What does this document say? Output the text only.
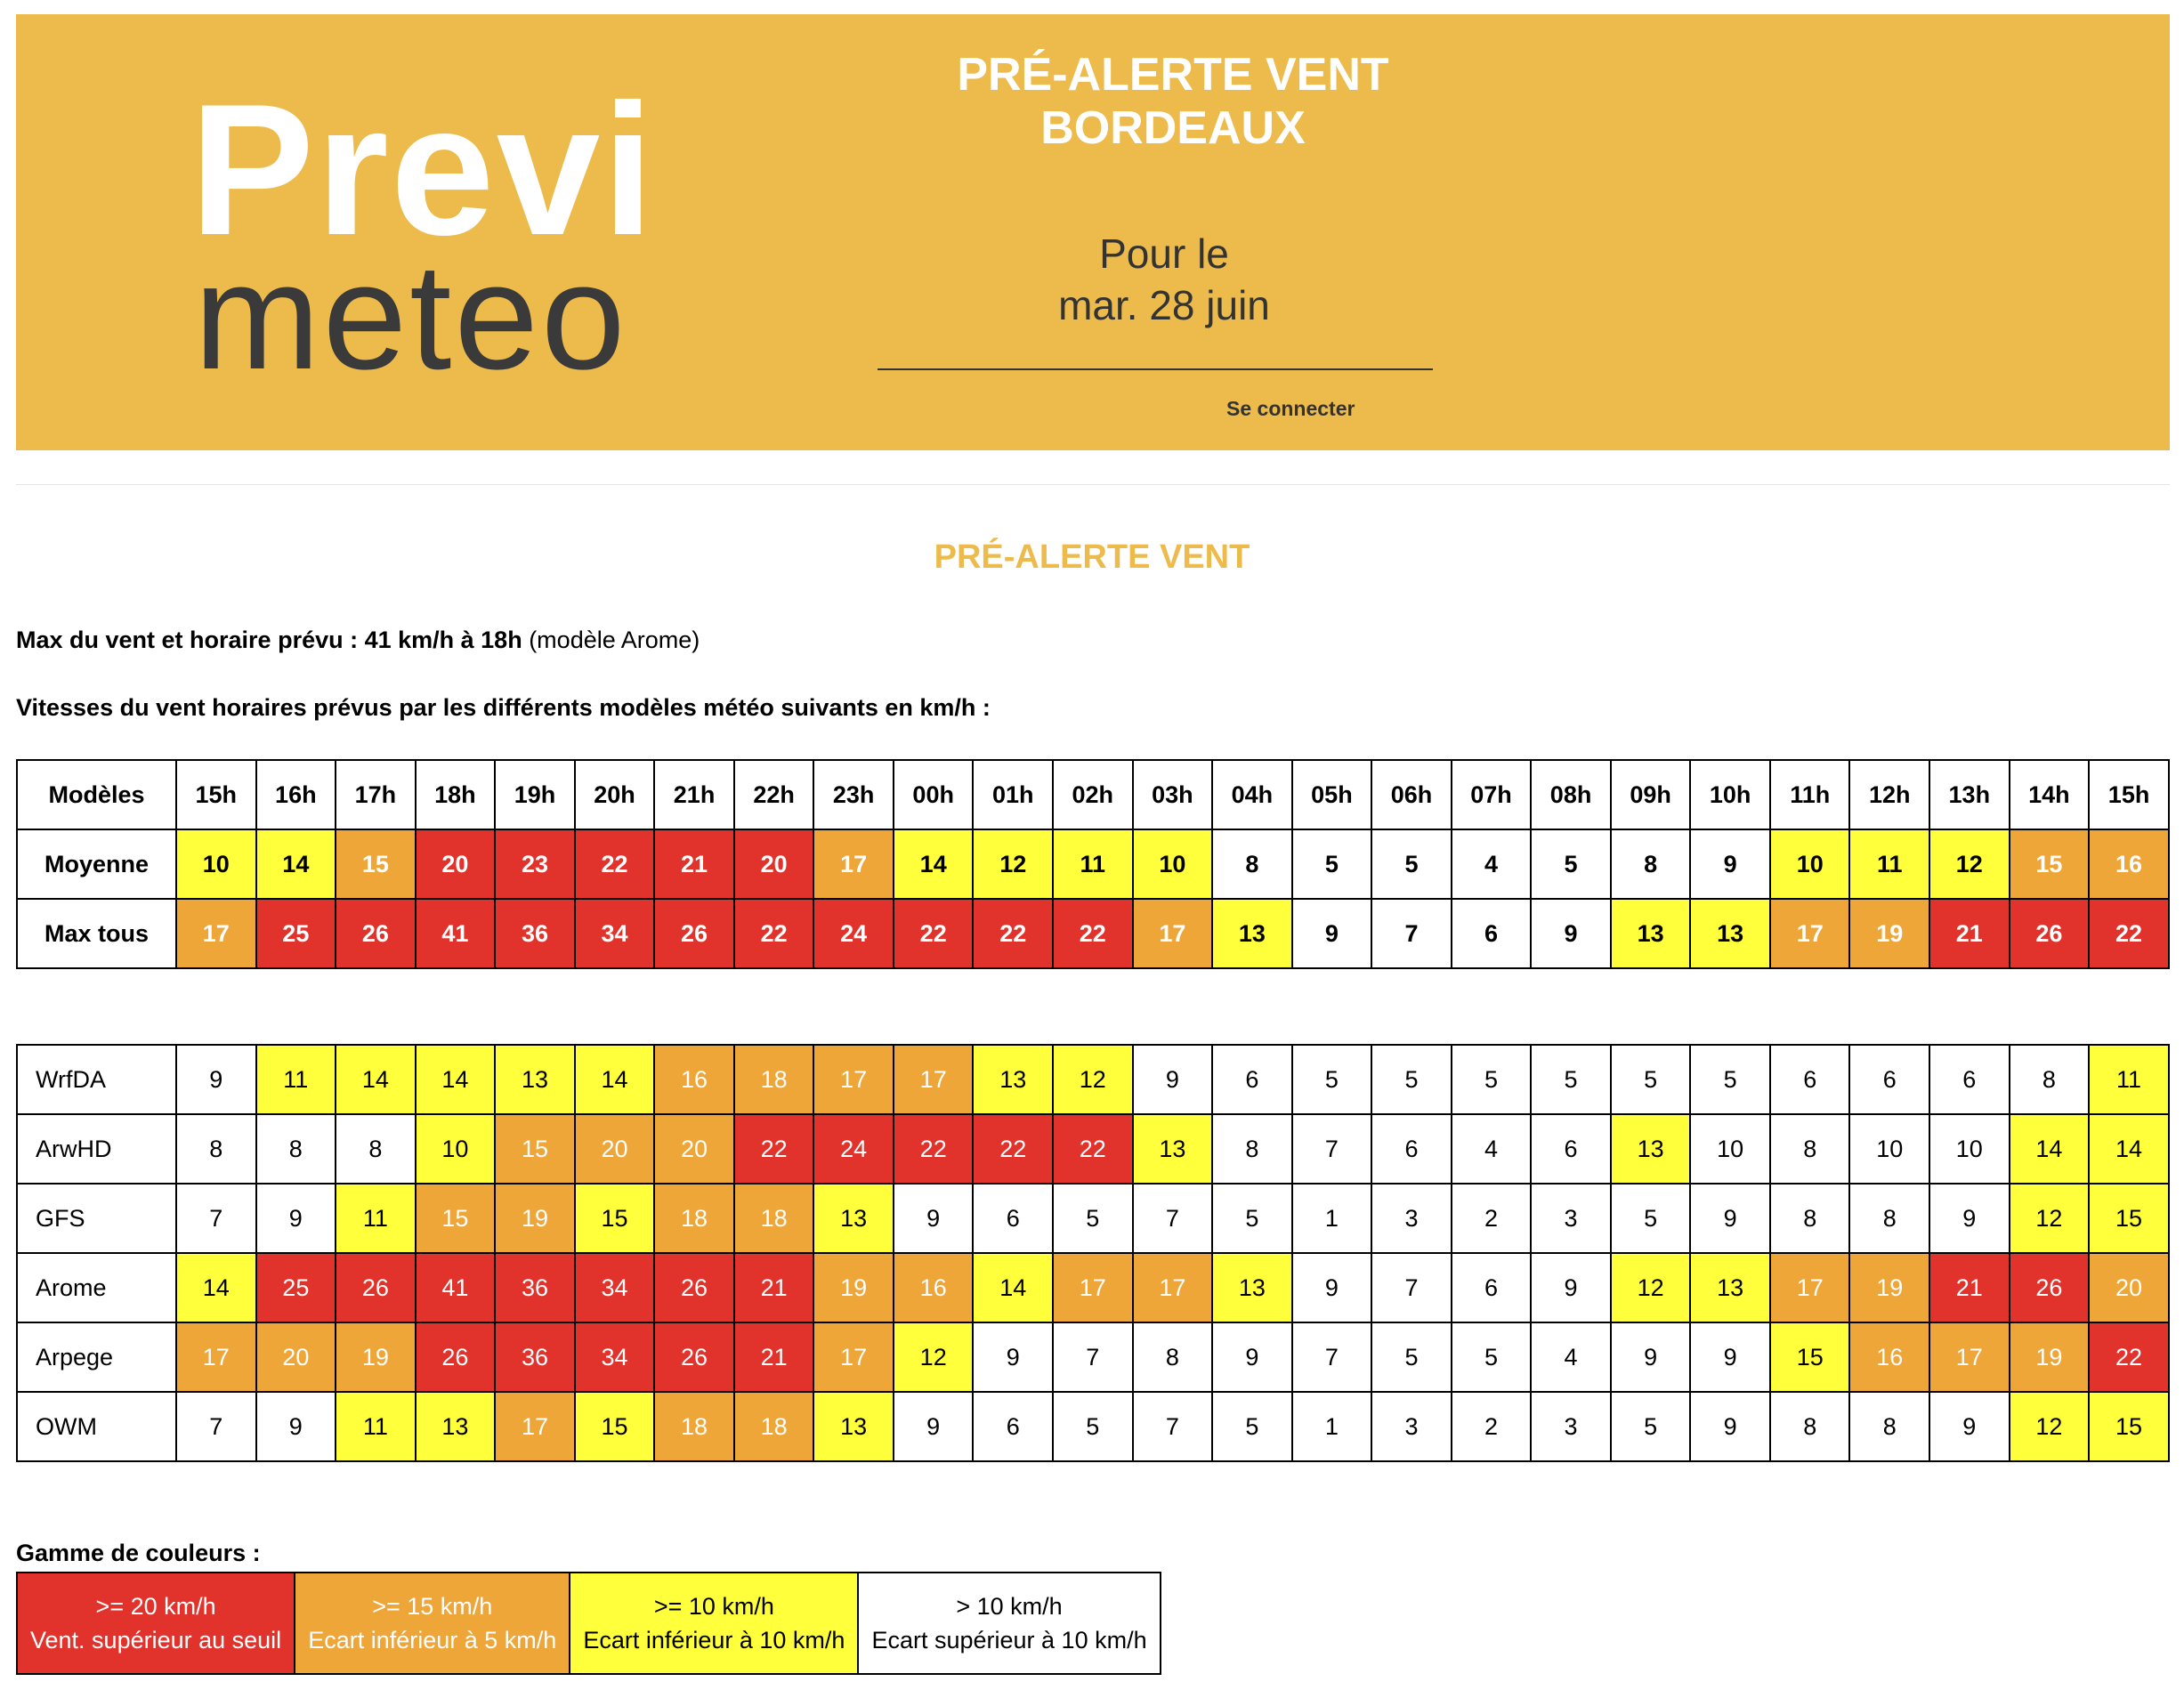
Previ
meteo
PRÉ-ALERTE VENT
BORDEAUX
Pour le
mar. 28 juin
Se connecter
PRÉ-ALERTE VENT
Max du vent et horaire prévu : 41 km/h à 18h (modèle Arome)
Vitesses du vent horaires prévus par les différents modèles météo suivants en km/h :
Modèles	15h	16h	17h	18h	19h	20h	21h	22h	23h	00h	01h	02h	03h	04h	05h	06h	07h	08h	09h	10h	11h	12h	13h	14h	15h
Moyenne	10	14	15	20	23	22	21	20	17	14	12	11	10	8	5	5	4	5	8	9	10	11	12	15	16
Max tous	17	25	26	41	36	34	26	22	24	22	22	22	17	13	9	7	6	9	13	13	17	19	21	26	22
WrfDA	9	11	14	14	13	14	16	18	17	17	13	12	9	6	5	5	5	5	5	5	6	6	6	8	11
ArwHD	8	8	8	10	15	20	20	22	24	22	22	22	13	8	7	6	4	6	13	10	8	10	10	14	14
GFS	7	9	11	15	19	15	18	18	13	9	6	5	7	5	1	3	2	3	5	9	8	8	9	12	15
Arome	14	25	26	41	36	34	26	21	19	16	14	17	17	13	9	7	6	9	12	13	17	19	21	26	20
Arpege	17	20	19	26	36	34	26	21	17	12	9	7	8	9	7	5	5	4	9	9	15	16	17	19	22
OWM	7	9	11	13	17	15	18	18	13	9	6	5	7	5	1	3	2	3	5	9	8	8	9	12	15
Gamme de couleurs :
>= 20 km/h
Vent. supérieur au seuil

>= 15 km/h
Ecart inférieur à 5 km/h

>= 10 km/h
Ecart inférieur à 10 km/h

> 10 km/h
Ecart supérieur à 10 km/h
